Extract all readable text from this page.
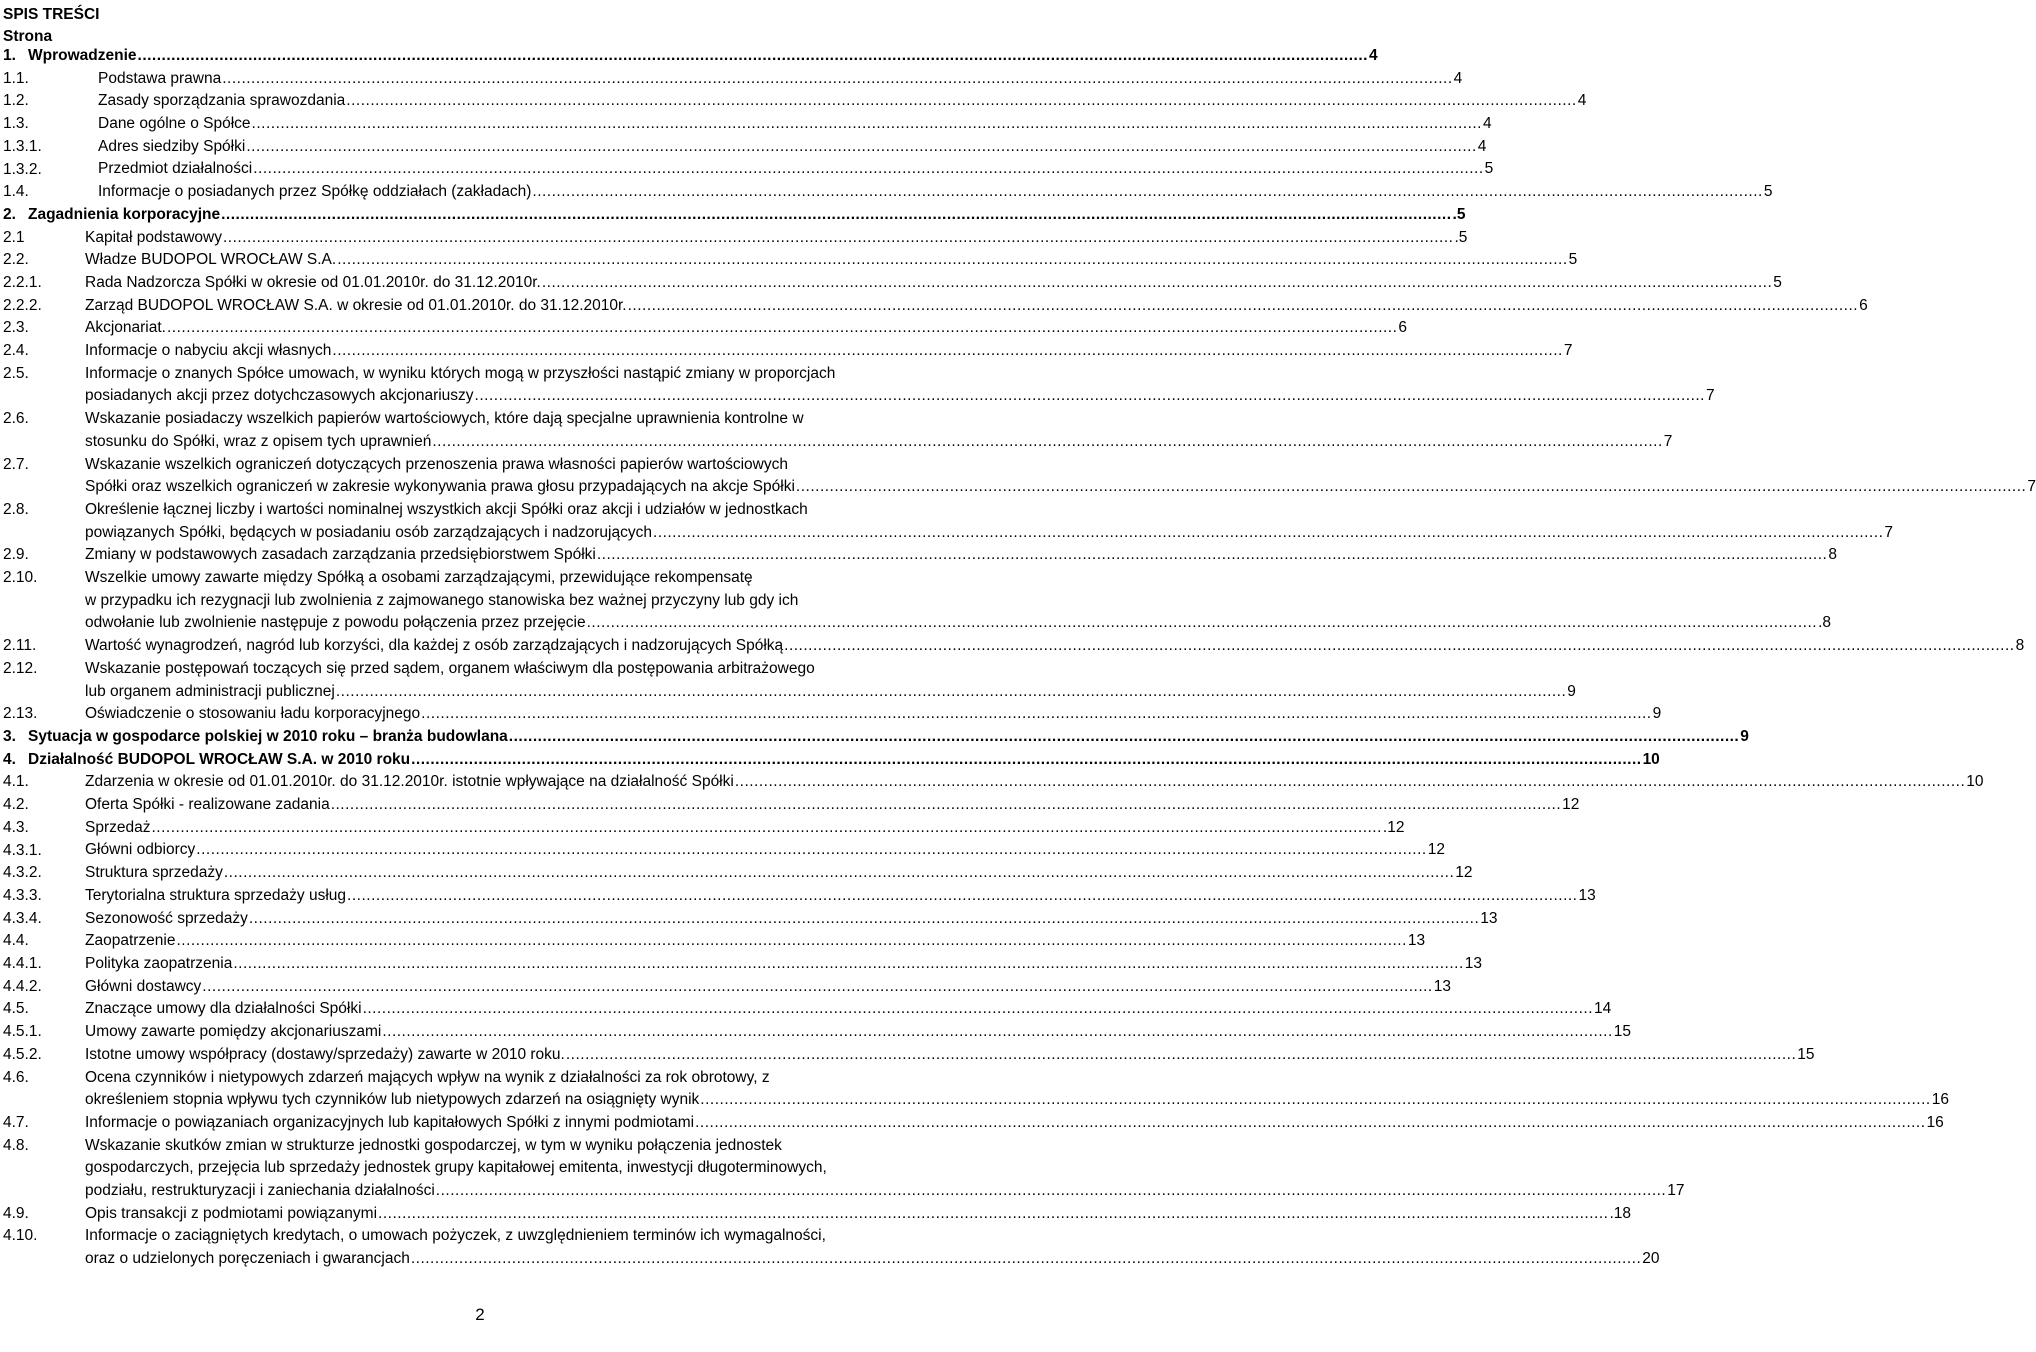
SPIS TREŚCI
Strona
1. Wprowadzenie .....	4
1.1.	Podstawa prawna .....	4
1.2.	Zasady sporządzania sprawozdania .....	4
1.3.	Dane ogólne o Spółce .....	4
1.3.1.	Adres siedziby Spółki .....	4
1.3.2.	Przedmiot działalności .....	5
1.4.	Informacje o posiadanych przez Spółkę oddziałach (zakładach) .....	5
2. Zagadnienia korporacyjne .....	.5
2.1	Kapitał podstawowy .....	.5
2.2.	Władze BUDOPOL WROCŁAW S.A. .....	5
2.2.1.	Rada Nadzorcza Spółki w okresie od 01.01.2010r. do 31.12.2010r. .....	5
2.2.2.	Zarząd BUDOPOL WROCŁAW S.A. w okresie od 01.01.2010r. do 31.12.2010r. .....	6
2.3.	Akcjonariat. .....	6
2.4.	Informacje o nabyciu akcji własnych .....	7
2.5.	Informacje o znanych Spółce umowach, w wyniku których mogą w przyszłości nastąpić zmiany w proporcjach
posiadanych akcji przez dotychczasowych akcjonariuszy .....	7
2.6.	Wskazanie posiadaczy wszelkich papierów wartościowych, które dają specjalne uprawnienia kontrolne w
stosunku do Spółki, wraz z opisem tych uprawnień .....	7
2.7.	Wskazanie wszelkich ograniczeń dotyczących przenoszenia prawa własności papierów wartościowych
Spółki oraz wszelkich ograniczeń w zakresie wykonywania prawa głosu przypadających na akcje Spółki .....	7
2.8.	Określenie łącznej liczby i wartości nominalnej wszystkich akcji Spółki oraz akcji i udziałów w jednostkach
powiązanych Spółki, będących w posiadaniu osób zarządzających i nadzorujących .....	7
2.9.	Zmiany w podstawowych zasadach zarządzania przedsiębiorstwem Spółki .....	8
2.10.	Wszelkie umowy zawarte między Spółką a osobami zarządzającymi, przewidujące rekompensatę
w przypadku ich rezygnacji lub zwolnienia z zajmowanego stanowiska bez ważnej przyczyny lub gdy ich
odwołanie lub zwolnienie następuje z powodu połączenia przez przejęcie .....	.8
2.11.	Wartość wynagrodzeń, nagród lub korzyści, dla każdej z osób zarządzających i nadzorujących Spółką .....	8
2.12.	Wskazanie postępowań toczących się przed sądem, organem właściwym dla postępowania arbitrażowego
lub organem administracji publicznej .....	9
2.13.	Oświadczenie o stosowaniu ładu korporacyjnego .....	9
3. Sytuacja w gospodarce polskiej w 2010 roku – branża budowlana .....	9
4. Działalność BUDOPOL WROCŁAW S.A. w 2010 roku .....	10
4.1.	Zdarzenia w okresie od 01.01.2010r. do 31.12.2010r. istotnie wpływające na działalność Spółki .....	10
4.2.	Oferta Spółki - realizowane zadania .....	12
4.3.	Sprzedaż .....	.12
4.3.1.	Główni odbiorcy .....	12
4.3.2.	Struktura sprzedaży .....	12
4.3.3.	Terytorialna struktura sprzedaży usług .....	13
4.3.4.	Sezonowość sprzedaży .....	13
4.4.	Zaopatrzenie .....	13
4.4.1.	Polityka zaopatrzenia .....	13
4.4.2.	Główni dostawcy .....	13
4.5.	Znaczące umowy dla działalności Spółki .....	14
4.5.1.	Umowy zawarte pomiędzy akcjonariuszami .....	15
4.5.2.	Istotne umowy współpracy (dostawy/sprzedaży) zawarte w 2010 roku. .....	15
4.6.	Ocena czynników i nietypowych zdarzeń mających wpływ na wynik z działalności za rok obrotowy, z
określeniem stopnia wpływu tych czynników lub nietypowych zdarzeń na osiągnięty wynik .....	16
4.7.	Informacje o powiązaniach organizacyjnych lub kapitałowych Spółki z innymi podmiotami .....	16
4.8.	Wskazanie skutków zmian w strukturze jednostki gospodarczej, w tym w wyniku połączenia jednostek
gospodarczych, przejęcia lub sprzedaży jednostek grupy kapitałowej emitenta, inwestycji długoterminowych,
podziału, restrukturyzacji i zaniechania działalności .....	17
4.9.	Opis transakcji z podmiotami powiązanymi .....	.18
4.10.	Informacje o zaciągniętych kredytach, o umowach pożyczek, z uwzględnieniem terminów ich wymagalności,
oraz o udzielonych poręczeniach i gwarancjach .....	20
2
